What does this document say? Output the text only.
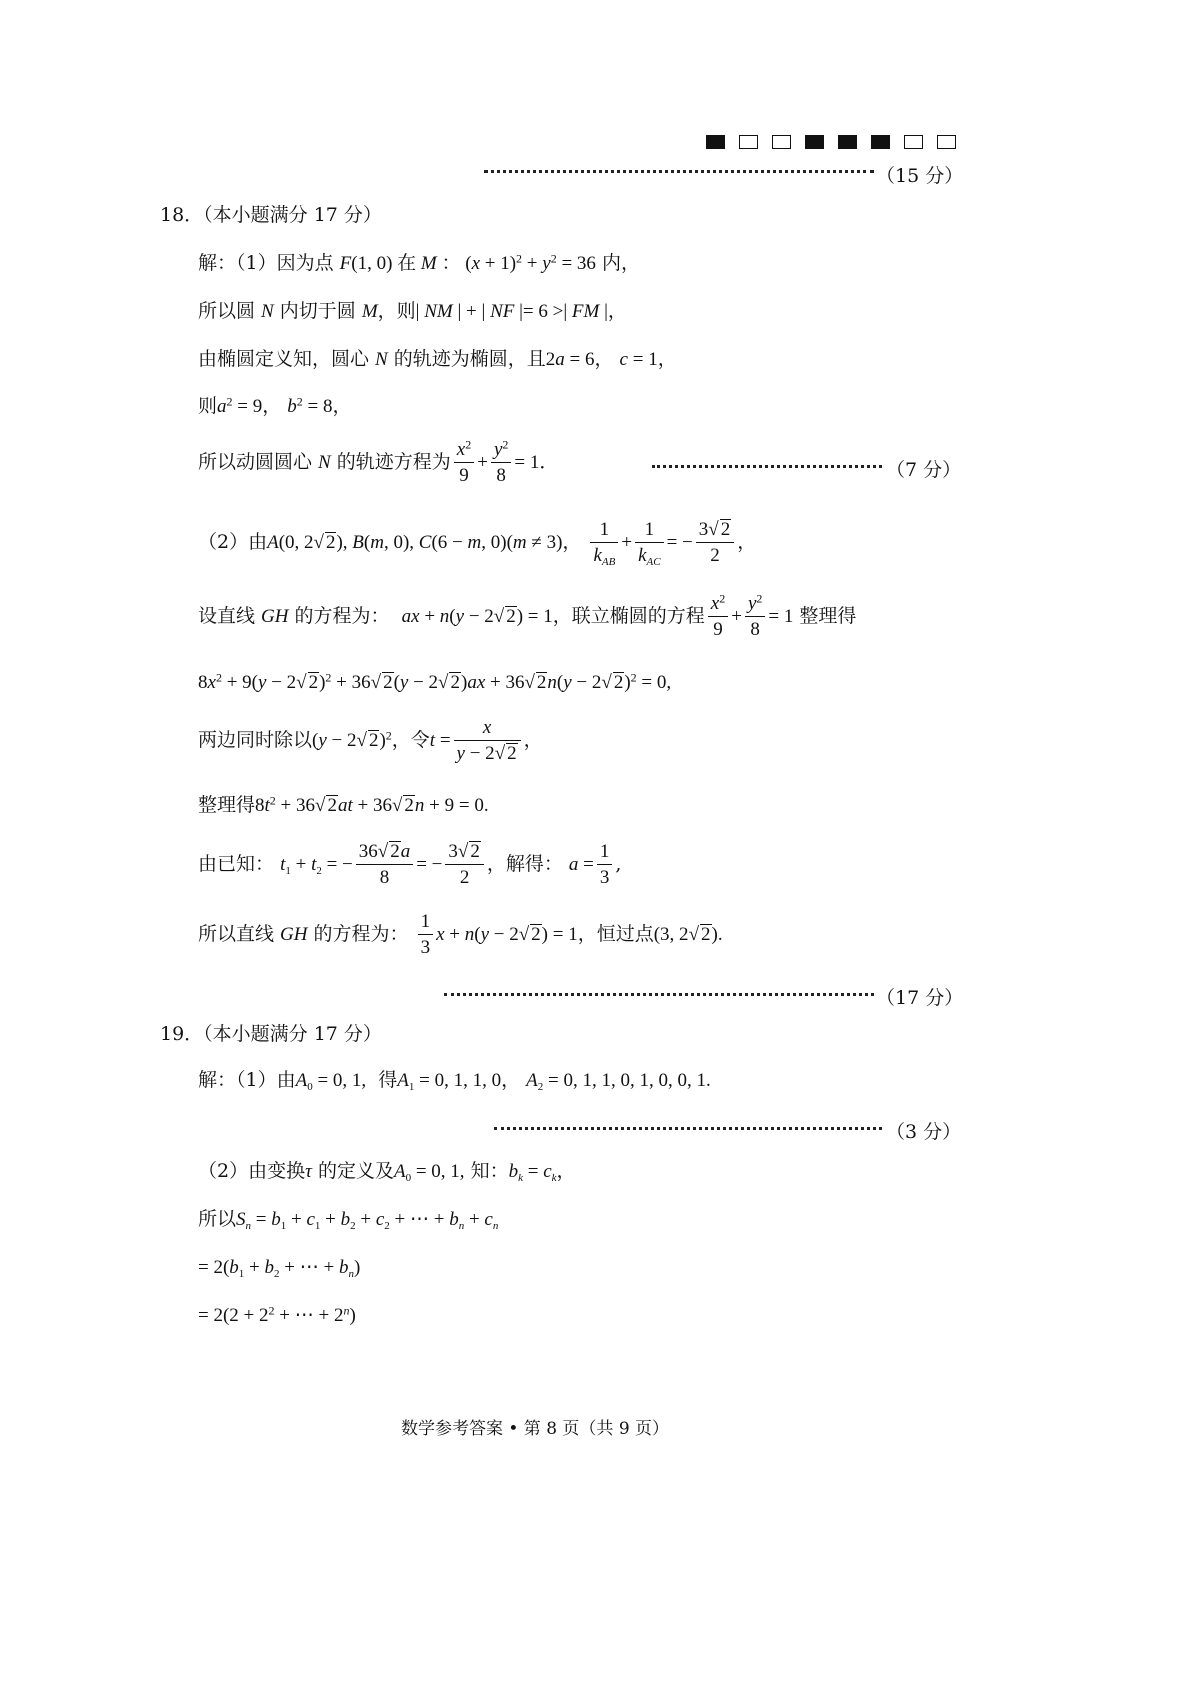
（15 分）
18．（本小题满分 17 分）
解：（1）因为点 F(1, 0) 在 M ： $(x + 1)^2 + y^2 = 36$ 内，
所以圆 N 内切于圆 M，则| NM | + | NF |= 6 >| FM |，
由椭圆定义知，圆心 N 的轨迹为椭圆，且2a = 6， c = 1，
则$a^2 = 9$， $b^2 = 8$，
所以动圆圆心 N 的轨迹方程为 $\frac{x^2}{9} + \frac{y^2}{8} = 1$．	（7 分）
（2）由A(0, 2√ 2), B(m, 0), C(6 − m, 0)(m ≠ 3)， $\frac{1}{k_{AB}} + \frac{1}{k_{AC}}$ = − $\frac{3√ 2}{2}$ ，
设直线 GH 的方程为： ax + n(y − 2√ 2) = 1，联立椭圆的方程 $\frac{x^2}{9} + \frac{y^2}{8} = 1$ 整理得
$8x^2 + 9(y - 2√$ 2)$^2$ + 36√ 2(y − 2√ 2)ax + 36√ 2n(y − 2√ 2)$^2$ = 0,
两边同时除以(y − 2√ 2)$^2$，令$t = \frac{x}{y - 2√ 2}$ ，
整理得$8t^2 + 36√$ 2at + 36√ 2n + 9 = 0.
由已知： $t_1 + t_2$ = − $\frac{36√ 2a}{8}$ = − $\frac{3√ 2}{2}$ ，解得： $a = \frac{1}{3}$ ,
所以直线 GH 的方程为： $\frac{1}{3}$ x + n(y − 2√ 2) = 1，恒过点(3, 2√ 2).
（17 分）
19．（本小题满分 17 分）
解：（1）由$A_0 = 0$, 1, 得$A_1 = 0$, 1, 1, 0， $A_2 = 0$, 1, 1, 0, 1, 0, 0, 1.
（3 分）
（2）由变换τ 的定义及$A_0 = 0$, 1, 知：$b_k = c_k$，
所以$S_n = b_1 + c_1 + b_2 + c_2$ + ⋯ + $b_n + c_n$
= $2(b_1 + b_2$ + ⋯ + $b_n$)
= $2(2 + 2^2$ + ⋯ + $2^n$)
数学参考答案 • 第 8 页（共 9 页）
